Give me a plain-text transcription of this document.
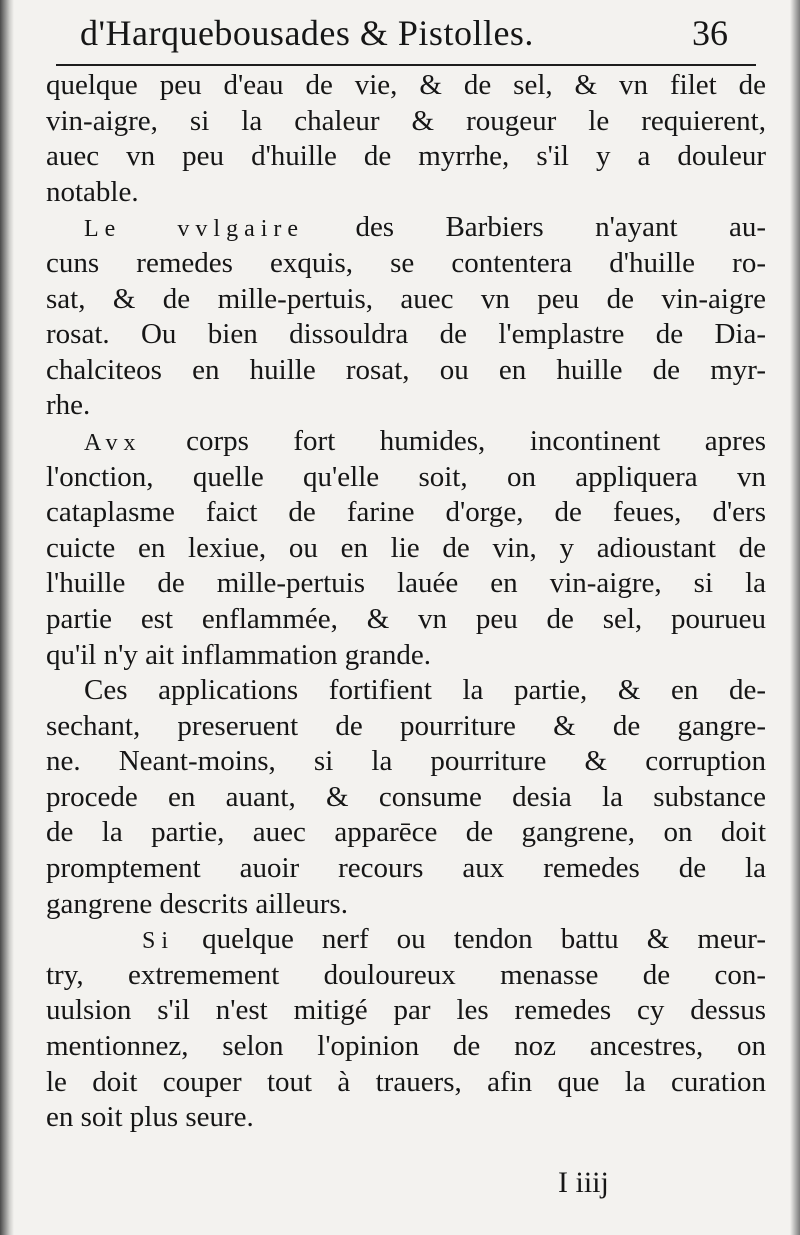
d'Harquebousades & Pistolles.	36
quelque peu d'eau de vie, & de sel, & vn filet de
vin-aigre, si la chaleur & rougeur le requierent,
auec vn peu d'huille de myrrhe, s'il y a douleur
notable.
Le vvlgaire des Barbiers n'ayant au-
cuns remedes exquis, se contentera d'huille ro-
sat, & de mille-pertuis, auec vn peu de vin-aigre
rosat. Ou bien dissouldra de l'emplastre de Dia-
chalciteos en huille rosat, ou en huille de myr-
rhe.
Avx corps fort humides, incontinent apres
l'onction, quelle qu'elle soit, on appliquera vn
cataplasme faict de farine d'orge, de feues, d'ers
cuicte en lexiue, ou en lie de vin, y adioustant de
l'huille de mille-pertuis lauée en vin-aigre, si la
partie est enflammée, & vn peu de sel, pourueu
qu'il n'y ait inflammation grande.
Ces applications fortifient la partie, & en de-
sechant, preseruent de pourriture & de gangre-
ne. Neant-moins, si la pourriture & corruption
procede en auant, & consume desia la substance
de la partie, auec apparēce de gangrene, on doit
promptement auoir recours aux remedes de la
gangrene descrits ailleurs.
Si quelque nerf ou tendon battu & meur-
try, extremement douloureux menasse de con-
uulsion s'il n'est mitigé par les remedes cy dessus
mentionnez, selon l'opinion de noz ancestres, on
le doit couper tout à trauers, afin que la curation
en soit plus seure.
I iiij
